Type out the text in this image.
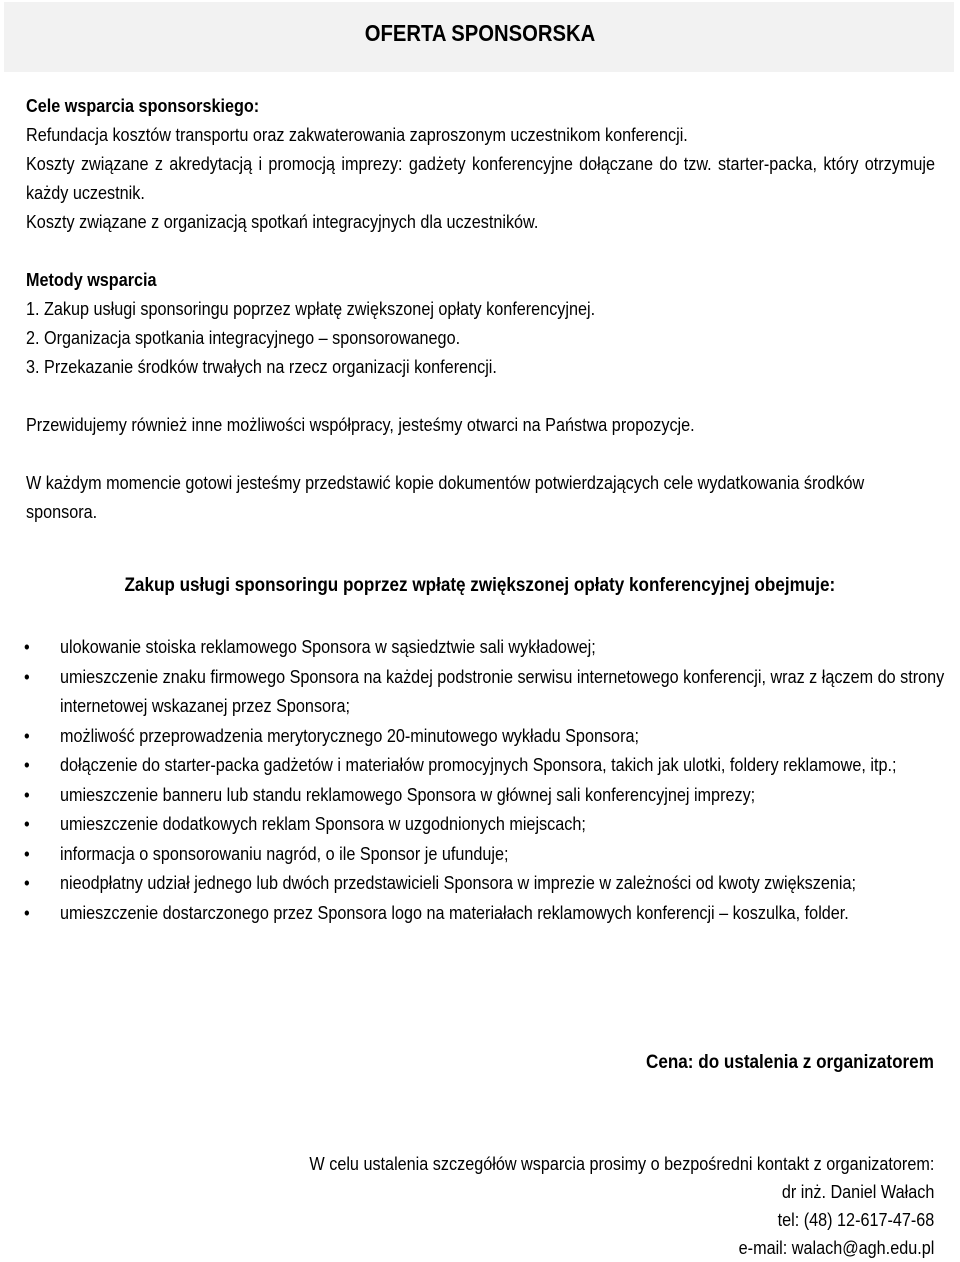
OFERTA SPONSORSKA

Cele wsparcia sponsorskiego:

Refundacja kosztów transportu oraz zakwaterowania zaproszonym uczestnikom konferencji.

Koszty związane z akredytacją i promocją imprezy: gadżety konferencyjne dołączane do tzw. starter-packa, który otrzymuje każdy uczestnik.

Koszty związane z organizacją spotkań integracyjnych dla uczestników.

Metody wsparcia

1. Zakup usługi sponsoringu poprzez wpłatę zwiększonej opłaty konferencyjnej.

2. Organizacja spotkania integracyjnego – sponsorowanego.

3. Przekazanie środków trwałych na rzecz organizacji konferencji.

Przewidujemy również inne możliwości współpracy, jesteśmy otwarci na Państwa propozycje.

W każdym momencie gotowi jesteśmy przedstawić kopie dokumentów potwierdzających cele wydatkowania środków sponsora.

Zakup usługi sponsoringu poprzez wpłatę zwiększonej opłaty konferencyjnej obejmuje:
• ulokowanie stoiska reklamowego Sponsora w sąsiedztwie sali wykładowej;
• umieszczenie znaku firmowego Sponsora na każdej podstronie serwisu internetowego konferencji, wraz z łączem do strony internetowej wskazanej przez Sponsora;
• możliwość przeprowadzenia merytorycznego 20-minutowego wykładu Sponsora;
• dołączenie do starter-packa gadżetów i materiałów promocyjnych Sponsora, takich jak ulotki, foldery reklamowe, itp.;
• umieszczenie banneru lub standu reklamowego Sponsora w głównej sali konferencyjnej imprezy;
• umieszczenie dodatkowych reklam Sponsora w uzgodnionych miejscach;
• informacja o sponsorowaniu nagród, o ile Sponsor je ufunduje;
• nieodpłatny udział jednego lub dwóch przedstawicieli Sponsora w imprezie w zależności od kwoty zwiększenia;
• umieszczenie dostarczonego przez Sponsora logo na materiałach reklamowych konferencji – koszulka, folder.
Cena: do ustalenia z organizatorem
W celu ustalenia szczegółów wsparcia prosimy o bezpośredni kontakt z organizatorem:
dr inż. Daniel Wałach
tel: (48) 12-617-47-68
e-mail: walach@agh.edu.pl
